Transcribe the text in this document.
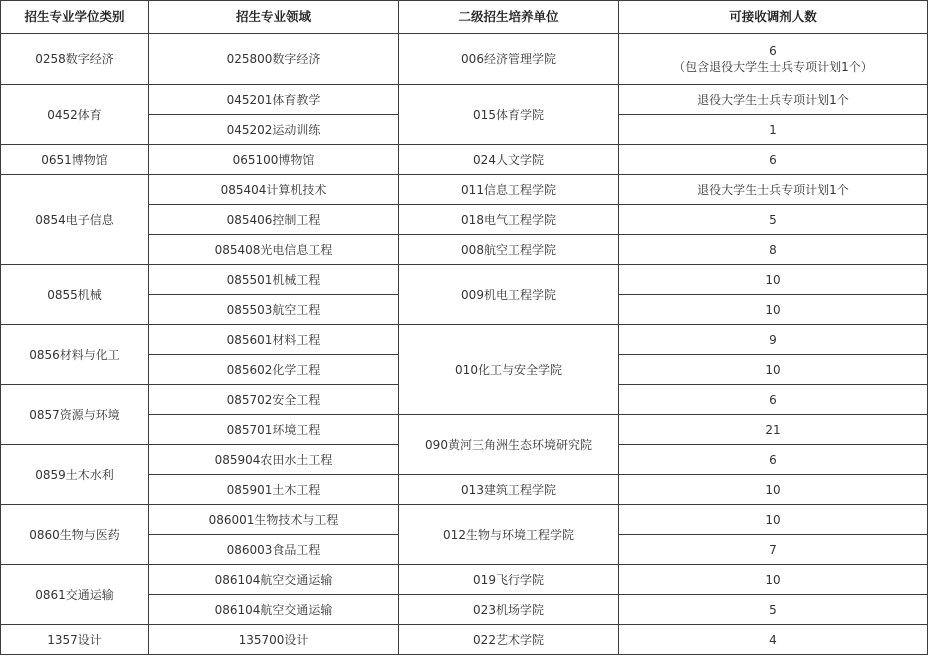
招生专业学位类别	招生专业领域	二级招生培养单位	可接收调剂人数
0258数字经济	025800数字经济	006经济管理学院	6
（包含退役大学生士兵专项计划1个）

0452体育	045201体育教学	015体育学院	退役大学生士兵专项计划1个
	045202运动训练		1
0651博物馆	065100博物馆	024人文学院	6
0854电子信息	085404计算机技术	011信息工程学院	退役大学生士兵专项计划1个
	085406控制工程	018电气工程学院	5
	085408光电信息工程	008航空工程学院	8
0855机械	085501机械工程	009机电工程学院	10
	085503航空工程		10
0856材料与化工	085601材料工程	010化工与安全学院	9
	085602化学工程		10
0857资源与环境	085702安全工程		6
	085701环境工程	090黄河三角洲生态环境研究院	21
0859土木水利	085904农田水土工程		6
	085901土木工程	013建筑工程学院	10
0860生物与医药	086001生物技术与工程	012生物与环境工程学院	10
	086003食品工程		7
0861交通运输	086104航空交通运输	019飞行学院	10
	086104航空交通运输	023机场学院	5
1357设计	135700设计	022艺术学院	4
